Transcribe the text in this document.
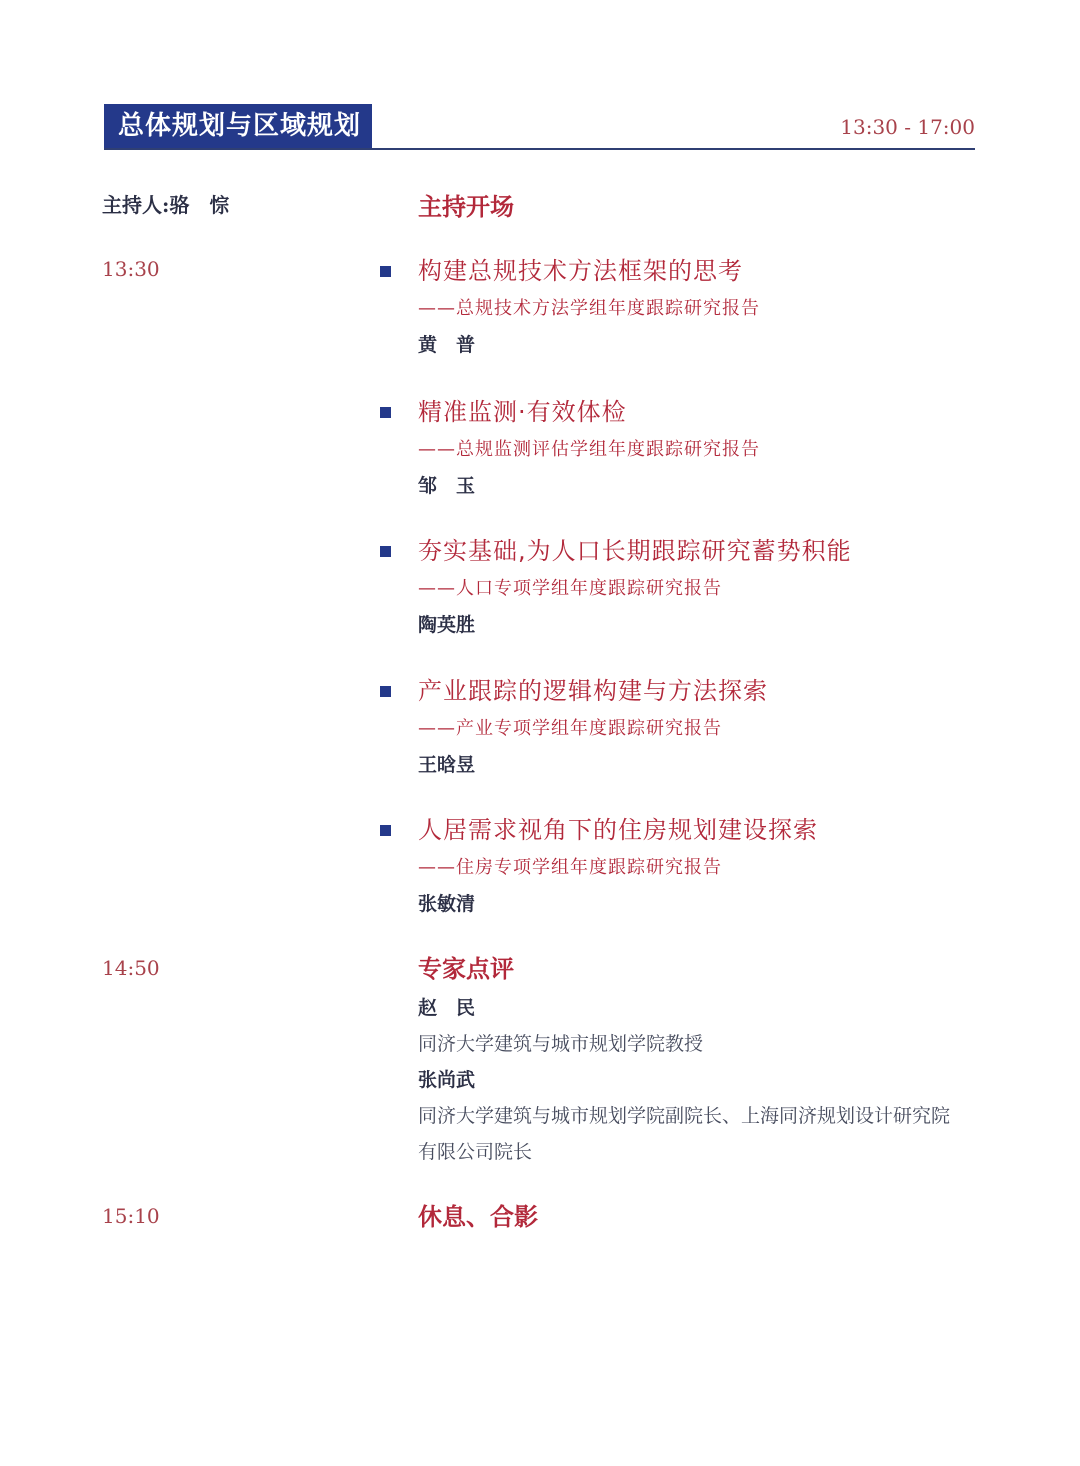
总体规划与区域规划	13:30 - 17:00
主持人:骆　悰	主持开场
13:30	构建总规技术方法框架的思考
——总规技术方法学组年度跟踪研究报告
黄　普
精准监测·有效体检
——总规监测评估学组年度跟踪研究报告
邹　玉
夯实基础,为人口长期跟踪研究蓄势积能
——人口专项学组年度跟踪研究报告
陶英胜
产业跟踪的逻辑构建与方法探索
——产业专项学组年度跟踪研究报告
王晗昱
人居需求视角下的住房规划建设探索
——住房专项学组年度跟踪研究报告
张敏清
14:50	专家点评
赵　民
同济大学建筑与城市规划学院教授
张尚武
同济大学建筑与城市规划学院副院长、上海同济规划设计研究院有限公司院长
15:10	休息、合影
